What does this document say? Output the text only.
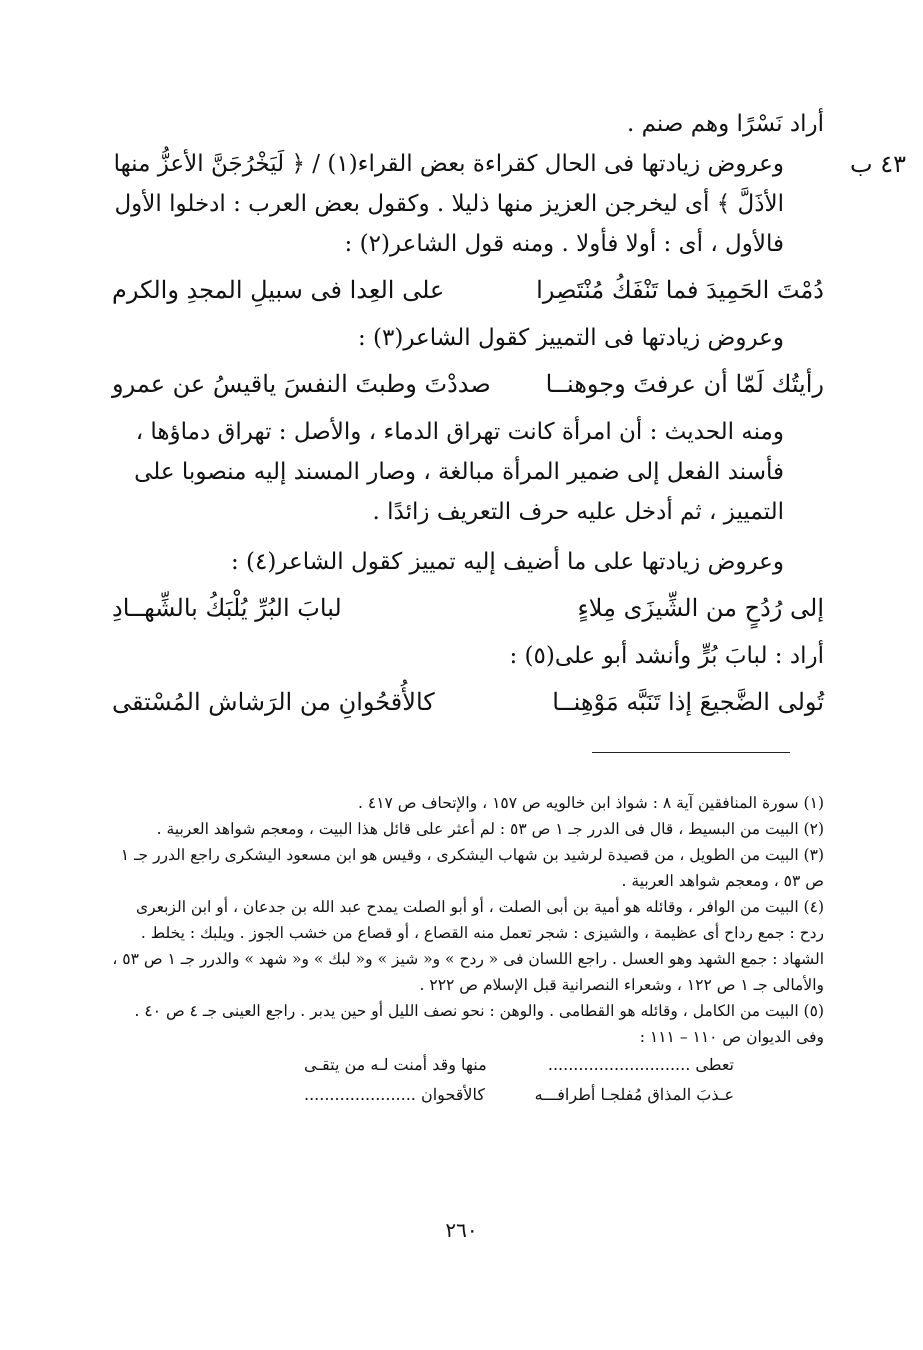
٤٣ ب

أراد نَسْرًا وهم صنم .

وعروض زيادتها فى الحال كقراءة بعض القراء(١) / ﴿ لَيَخْرُجَنَّ الأعزُّ منها الأذَلَّ ﴾ أى ليخرجن العزيز منها ذليلا . وكقول بعض العرب : ادخلوا الأول فالأول ، أى : أولا فأولا . ومنه قول الشاعر(٢) :

دُمْتَ الحَمِيدَ فما تَنْفَكُ مُنْتَصِرا
على العِدا فى سبيلِ المجدِ والكرم

وعروض زيادتها فى التمييز كقول الشاعر(٣) :

رأيتُك لَمّا أن عرفتَ وجوهنــا
صددْتَ وطبتَ النفسَ ياقيسُ عن عمرو

ومنه الحديث : أن امرأة كانت تهراق الدماء ، والأصل : تهراق دماؤها ، فأسند الفعل إلى ضمير المرأة مبالغة ، وصار المسند إليه منصوبا على التمييز ، ثم أدخل عليه حرف التعريف زائدًا .

وعروض زيادتها على ما أضيف إليه تمييز كقول الشاعر(٤) :

إلى رُدُحٍ من الشِّيزَى مِلاءٍ
لبابَ البُرِّ يُلْبَكُ بالشِّهــادِ

أراد : لبابَ بُرٍّ وأنشد أبو على(٥) :

تُولى الضَّجيعَ إذا تَنَبَّه مَوْهِنــا
كالأُقحُوانِ من الرَشاش المُسْتقى

(١) سورة المنافقين آية ٨ : شواذ ابن خالويه ص ١٥٧ ، والإتحاف ص ٤١٧ .

(٢) البيت من البسيط ، قال فى الدرر جـ ١ ص ٥٣ : لم أعثر على قائل هذا البيت ، ومعجم شواهد العربية .

(٣) البيت من الطويل ، من قصيدة لرشيد بن شهاب اليشكرى ، وقيس هو ابن مسعود اليشكرى راجع الدرر جـ ١ ص ٥٣ ، ومعجم شواهد العربية .

(٤) البيت من الوافر ، وقائله هو أمية بن أبى الصلت ، أو أبو الصلت يمدح عبد الله بن جدعان ، أو ابن الزبعرى ردح : جمع رداح أى عظيمة ، والشيزى : شجر تعمل منه القصاع ، أو قصاع من خشب الجوز . ويلبك : يخلط . الشهاد : جمع الشهد وهو العسل . راجع اللسان فى « ردح » و« شيز » و« لبك » و« شهد » والدرر جـ ١ ص ٥٣ ، والأمالى جـ ١ ص ١٢٢ ، وشعراء النصرانية قبل الإسلام ص ٢٢٢ .

(٥) البيت من الكامل ، وقائله هو القطامى . والوهن : نحو نصف الليل أو حين يدبر . راجع العينى جـ ٤ ص ٤٠ . وفى الديوان ص ١١٠ – ١١١ :

تعطى ............................
منها وقد أمنت لـه من يتقـى
عـذبَ المذاق مُفلجـا أطرافـــه
كالأقحوان ......................
٢٦٠
